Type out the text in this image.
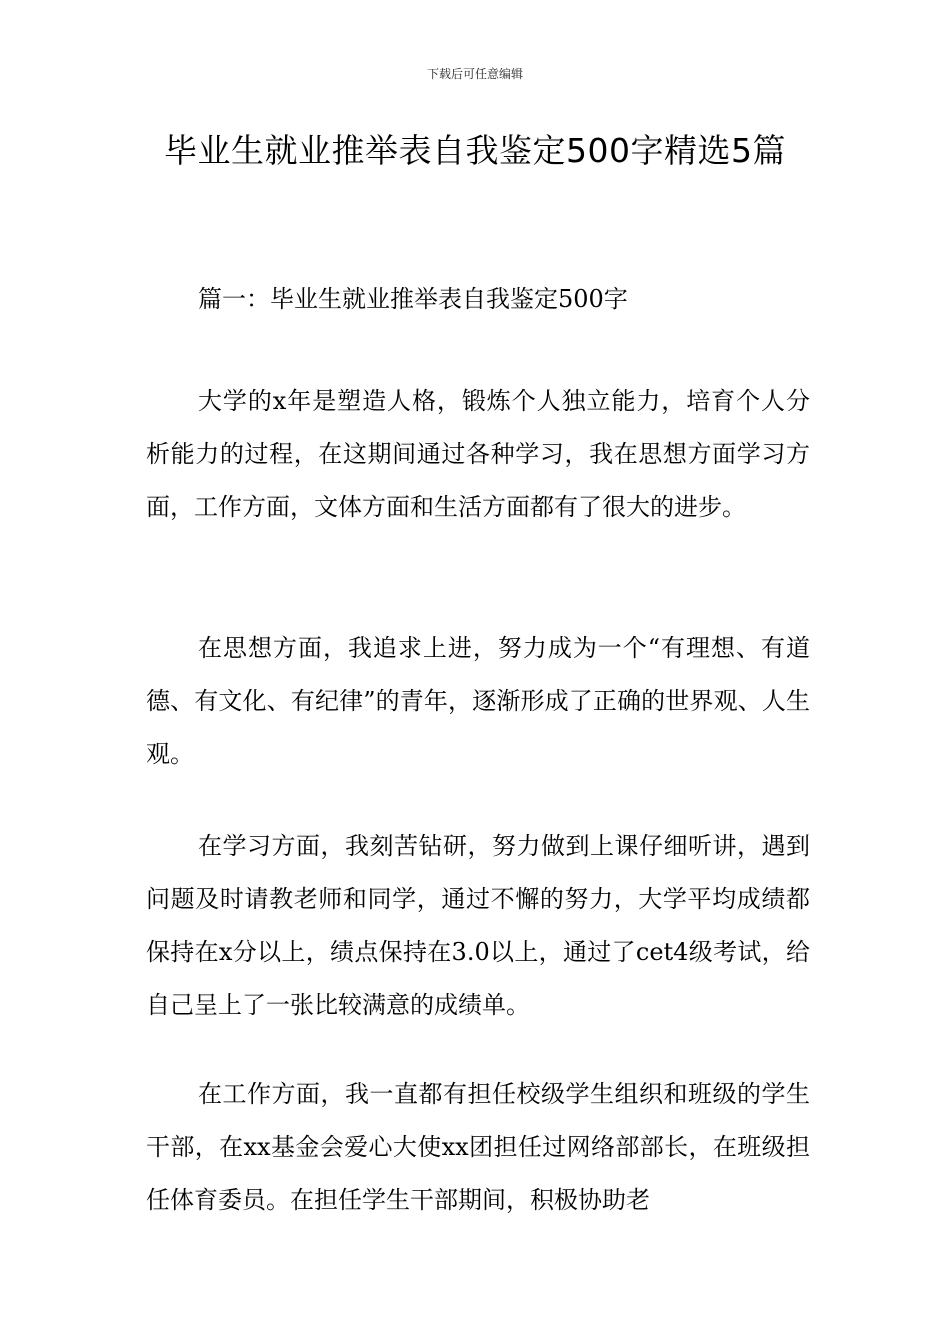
下载后可任意编辑
毕业生就业推举表自我鉴定500字精选5篇
篇一：毕业生就业推举表自我鉴定500字

大学的x年是塑造人格，锻炼个人独立能力，培育个人分析能力的过程，在这期间通过各种学习，我在思想方面学习方面，工作方面，文体方面和生活方面都有了很大的进步。

在思想方面，我追求上进，努力成为一个“有理想、有道德、有文化、有纪律”的青年，逐渐形成了正确的世界观、人生观。

在学习方面，我刻苦钻研，努力做到上课仔细听讲，遇到问题及时请教老师和同学，通过不懈的努力，大学平均成绩都保持在x分以上，绩点保持在3.0以上，通过了cet4级考试，给自己呈上了一张比较满意的成绩单。

在工作方面，我一直都有担任校级学生组织和班级的学生干部，在xx基金会爱心大使xx团担任过网络部部长，在班级担任体育委员。在担任学生干部期间，积极协助老
